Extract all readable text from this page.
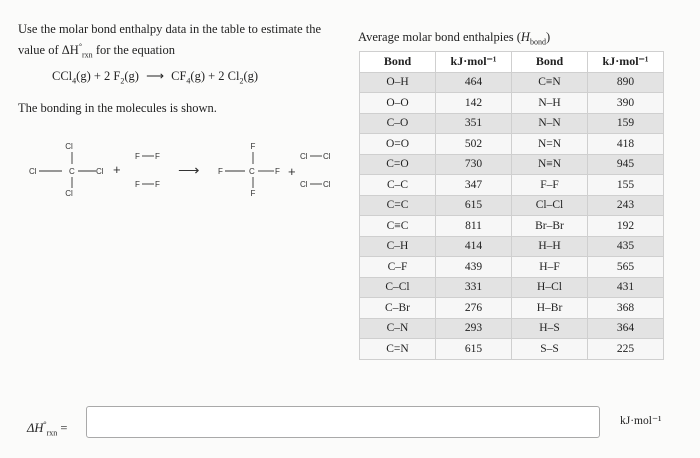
Use the molar bond enthalpy data in the table to estimate the
value of $\Delta H^\circ_{rxn}$ for the equation
CCl$_4$(g) + 2 $F_2(g)$ ⟶ $CF_4(g) + 2$ $Cl_2(g)$
The bonding in the molecules is shown.
Cl
Cl	C	Cl
Cl
+
F F
F F
⟶
F
F	C	F
F
+
Cl Cl
Cl Cl
Average molar bond enthalpies $(H_{bond})$
Bond	kJ·mol⁻¹	Bond	kJ·mol⁻¹
O–H	464	C≡N	890
O–O	142	N–H	390
C–O	351	N–N	159
O=O	502	N=N	418
C=O	730	N≡N	945
C–C	347	F–F	155
C=C	615	Cl–Cl	243
C≡C	811	Br–Br	192
C–H	414	H–H	435
C–F	439	H–F	565
C–Cl	331	H–Cl	431
C–Br	276	H–Br	368
C–N	293	H–S	364
C=N	615	S–S	225
$\Delta H^\circ_{rxn}$ =
kJ·mol⁻¹
